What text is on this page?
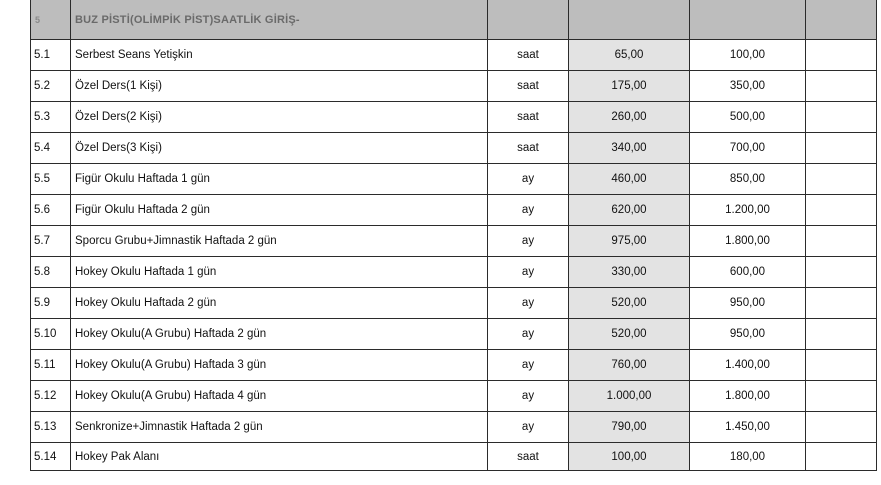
5	BUZ PİSTİ(OLİMPİK PİST)SAATLİK GİRİŞ-				
5.1	Serbest Seans Yetişkin	saat	65,00	100,00	
5.2	Özel Ders(1 Kişi)	saat	175,00	350,00	
5.3	Özel Ders(2 Kişi)	saat	260,00	500,00	
5.4	Özel Ders(3 Kişi)	saat	340,00	700,00	
5.5	Figür Okulu Haftada 1 gün	ay	460,00	850,00	
5.6	Figür Okulu Haftada 2 gün	ay	620,00	1.200,00	
5.7	Sporcu Grubu+Jimnastik Haftada 2 gün	ay	975,00	1.800,00	
5.8	Hokey Okulu Haftada 1 gün	ay	330,00	600,00	
5.9	Hokey Okulu Haftada 2 gün	ay	520,00	950,00	
5.10	Hokey Okulu(A Grubu) Haftada 2 gün	ay	520,00	950,00	
5.11	Hokey Okulu(A Grubu) Haftada 3 gün	ay	760,00	1.400,00	
5.12	Hokey Okulu(A Grubu) Haftada 4 gün	ay	1.000,00	1.800,00	
5.13	Senkronize+Jimnastik Haftada 2 gün	ay	790,00	1.450,00	
5.14	Hokey Pak Alanı	saat	100,00	180,00	
